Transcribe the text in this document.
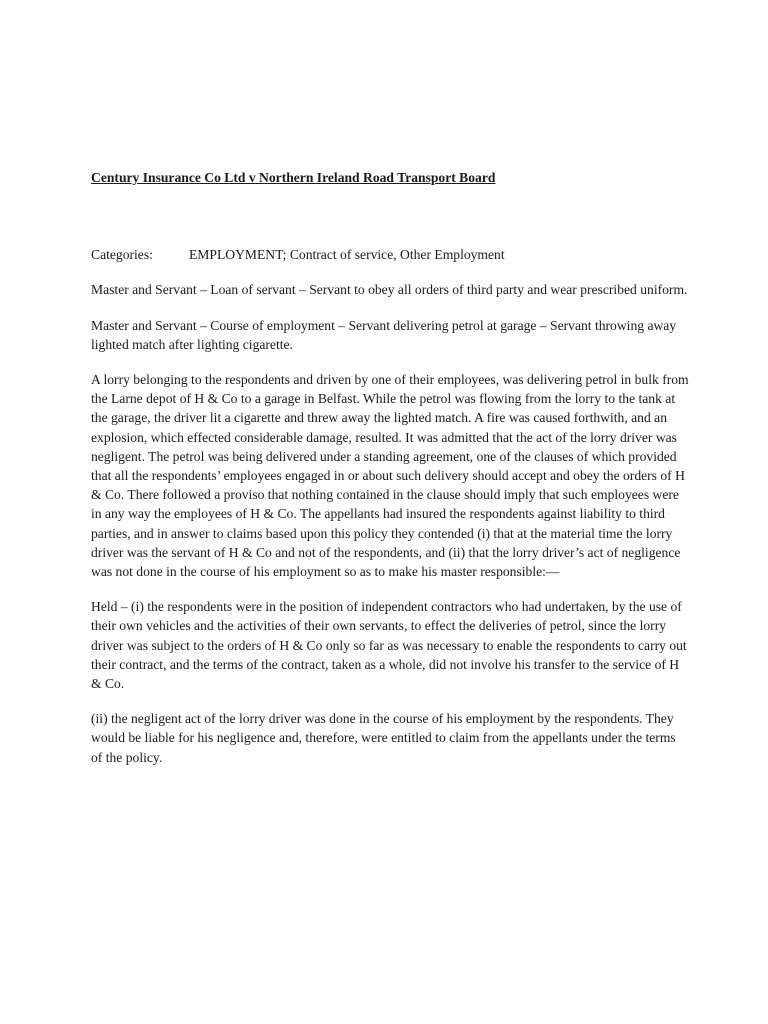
Century Insurance Co Ltd v Northern Ireland Road Transport Board
Categories:	EMPLOYMENT; Contract of service, Other Employment
Master and Servant – Loan of servant – Servant to obey all orders of third party and wear prescribed uniform.
Master and Servant – Course of employment – Servant delivering petrol at garage – Servant throwing away lighted match after lighting cigarette.
A lorry belonging to the respondents and driven by one of their employees, was delivering petrol in bulk from the Larne depot of H & Co to a garage in Belfast. While the petrol was flowing from the lorry to the tank at the garage, the driver lit a cigarette and threw away the lighted match. A fire was caused forthwith, and an explosion, which effected considerable damage, resulted. It was admitted that the act of the lorry driver was negligent. The petrol was being delivered under a standing agreement, one of the clauses of which provided that all the respondents’ employees engaged in or about such delivery should accept and obey the orders of H & Co. There followed a proviso that nothing contained in the clause should imply that such employees were in any way the employees of H & Co. The appellants had insured the respondents against liability to third parties, and in answer to claims based upon this policy they contended (i) that at the material time the lorry driver was the servant of H & Co and not of the respondents, and (ii) that the lorry driver’s act of negligence was not done in the course of his employment so as to make his master responsible:—
Held – (i) the respondents were in the position of independent contractors who had undertaken, by the use of their own vehicles and the activities of their own servants, to effect the deliveries of petrol, since the lorry driver was subject to the orders of H & Co only so far as was necessary to enable the respondents to carry out their contract, and the terms of the contract, taken as a whole, did not involve his transfer to the service of H & Co.
(ii) the negligent act of the lorry driver was done in the course of his employment by the respondents. They would be liable for his negligence and, therefore, were entitled to claim from the appellants under the terms of the policy.
